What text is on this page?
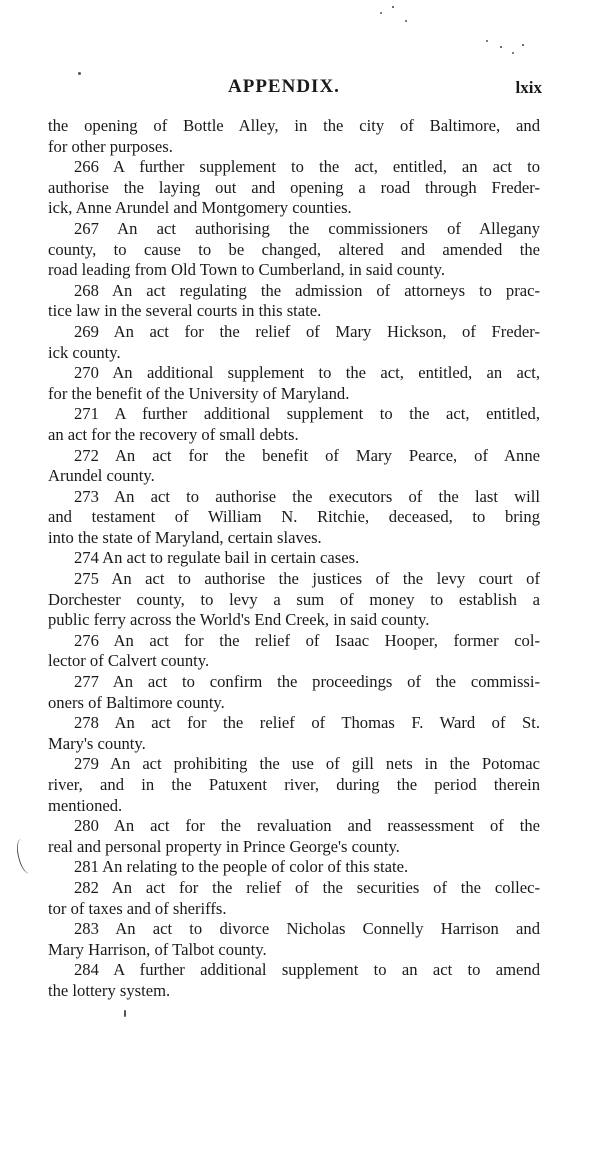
APPENDIX.	lxix
the opening of Bottle Alley, in the city of Baltimore, and
for other purposes.
266 A further supplement to the act, entitled, an act to
authorise the laying out and opening a road through Freder-
ick, Anne Arundel and Montgomery counties.
267 An act authorising the commissioners of Allegany
county, to cause to be changed, altered and amended the
road leading from Old Town to Cumberland, in said county.
268 An act regulating the admission of attorneys to prac-
tice law in the several courts in this state.
269 An act for the relief of Mary Hickson, of Freder-
ick county.
270 An additional supplement to the act, entitled, an act,
for the benefit of the University of Maryland.
271 A further additional supplement to the act, entitled,
an act for the recovery of small debts.
272 An act for the benefit of Mary Pearce, of Anne
Arundel county.
273 An act to authorise the executors of the last will
and testament of William N. Ritchie, deceased, to bring
into the state of Maryland, certain slaves.
274 An act to regulate bail in certain cases.
275 An act to authorise the justices of the levy court of
Dorchester county, to levy a sum of money to establish a
public ferry across the World's End Creek, in said county.
276 An act for the relief of Isaac Hooper, former col-
lector of Calvert county.
277 An act to confirm the proceedings of the commissi-
oners of Baltimore county.
278 An act for the relief of Thomas F. Ward of St.
Mary's county.
279 An act prohibiting the use of gill nets in the Potomac
river, and in the Patuxent river, during the period therein
mentioned.
280 An act for the revaluation and reassessment of the
real and personal property in Prince George's county.
281 An relating to the people of color of this state.
282 An act for the relief of the securities of the collec-
tor of taxes and of sheriffs.
283 An act to divorce Nicholas Connelly Harrison and
Mary Harrison, of Talbot county.
284 A further additional supplement to an act to amend
the lottery system.
